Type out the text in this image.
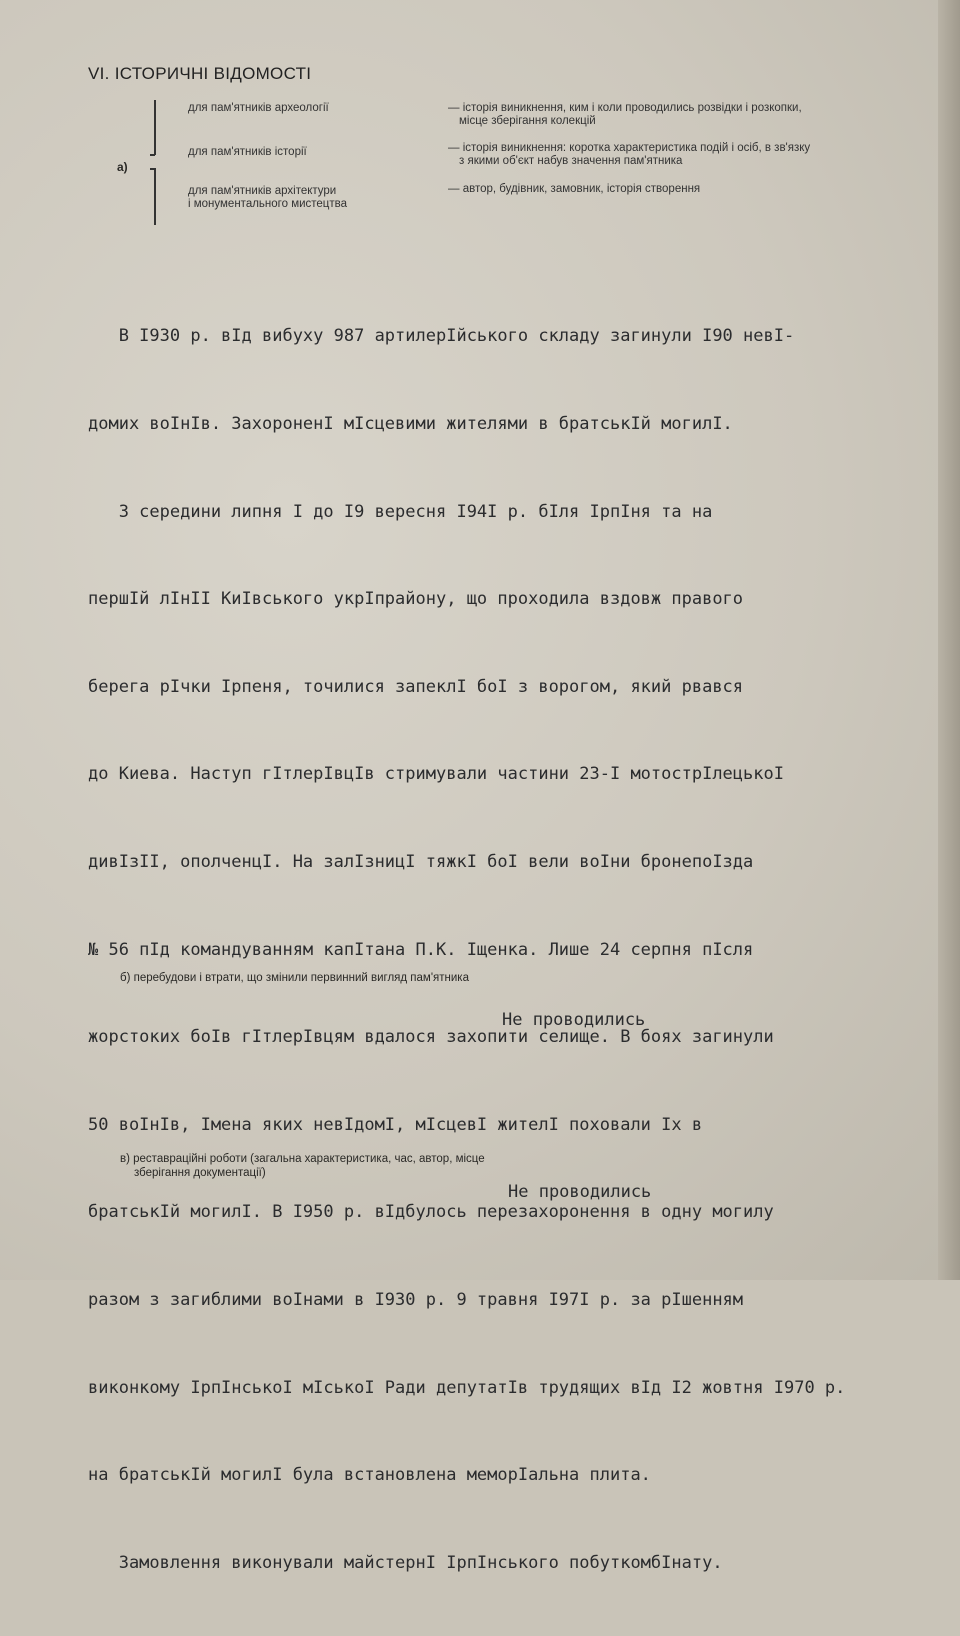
VI. ІСТОРИЧНІ ВІДОМОСТІ
а)
для пам'ятників археології	— історія виникнення, ким і коли проводились розвідки і розкопки,
місце зберігання колекцій
для пам'ятників історії	— історія виникнення: коротка характеристика подій і осіб, в зв'язку
з якими об'єкт набув значення пам'ятника
для пам'ятників архітектури
і монументального мистецтва
— автор, будівник, замовник, історія створення

В I930 р. вІд вибуху 987 артилерІйського складу загинули I90 невІ-

домих воІнІв. ЗахороненІ мІсцевими жителями в братськІй могилІ.

З середини липня I до I9 вересня I94I р. бІля ІрпІня та на

першІй лІнІІ КиІвського укрІпрайону, що проходила вздовж правого

берега рІчки Ірпеня, точилися запеклІ боІ з ворогом, який рвався

до Киева. Наступ гІтлерІвцІв стримували частини 23-І мотострІлецькоІ

дивІзІІ, ополченцІ. На залІзницІ тяжкІ боІ вели воІни бронепоІзда

№ 56 пІд командуванням капІтана П.К. Іщенка. Лише 24 серпня пІсля

жорстоких боІв гІтлерІвцям вдалося захопити селище. В боях загинули

50 воІнІв, Імена яких невІдомІ, мІсцевІ жителІ поховали Іх в

братськІй могилІ. В I950 р. вІдбулось перезахоронення в одну могилу

разом з загиблими воІнами в I930 р. 9 травня I97I р. за рІшенням

виконкому ІрпІнськоІ мІськоІ Ради депутатІв трудящих вІд I2 жовтня I970 р.

на братськІй могилІ була встановлена меморІальна плита.

Замовлення виконували майстернІ ІрпІнського побуткомбІнату.

б) перебудови і втрати, що змінили первинний вигляд пам'ятника
Не проводились
в) реставраційні роботи (загальна характеристика, час, автор, місце
зберігання документації)
Не проводились
